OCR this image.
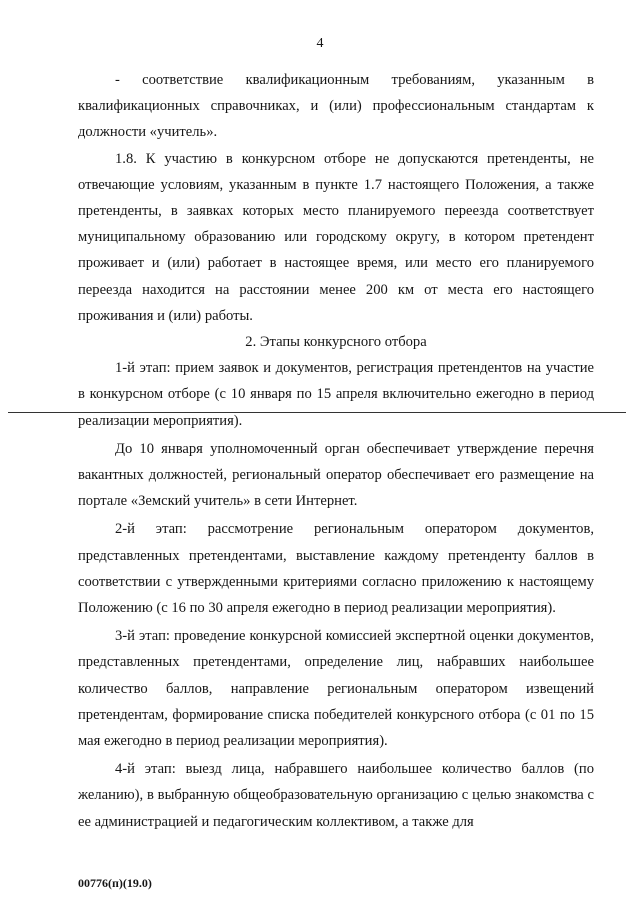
4

- соответствие квалификационным требованиям, указанным в квалификационных справочниках, и (или) профессиональным стандартам к должности «учитель».

1.8. К участию в конкурсном отборе не допускаются претенденты, не отвечающие условиям, указанным в пункте 1.7 настоящего Положения, а также претенденты, в заявках которых место планируемого переезда соответствует муниципальному образованию или городскому округу, в котором претендент проживает и (или) работает в настоящее время, или место его планируемого переезда находится на расстоянии менее 200 км от места его настоящего проживания и (или) работы.

2. Этапы конкурсного отбора

1-й этап: прием заявок и документов, регистрация претендентов на участие в конкурсном отборе (с 10 января по 15 апреля включительно ежегодно в период реализации мероприятия).

До 10 января уполномоченный орган обеспечивает утверждение перечня вакантных должностей, региональный оператор обеспечивает его размещение на портале «Земский учитель» в сети Интернет.

2-й этап: рассмотрение региональным оператором документов, представленных претендентами, выставление каждому претенденту баллов в соответствии с утвержденными критериями согласно приложению к настоящему Положению (с 16 по 30 апреля ежегодно в период реализации мероприятия).

3-й этап: проведение конкурсной комиссией экспертной оценки документов, представленных претендентами, определение лиц, набравших наибольшее количество баллов, направление региональным оператором извещений претендентам, формирование списка победителей конкурсного отбора (с 01 по 15 мая ежегодно в период реализации мероприятия).

4-й этап: выезд лица, набравшего наибольшее количество баллов (по желанию), в выбранную общеобразовательную организацию с целью знакомства с ее администрацией и педагогическим коллективом, а также для

00776(п)(19.0)
